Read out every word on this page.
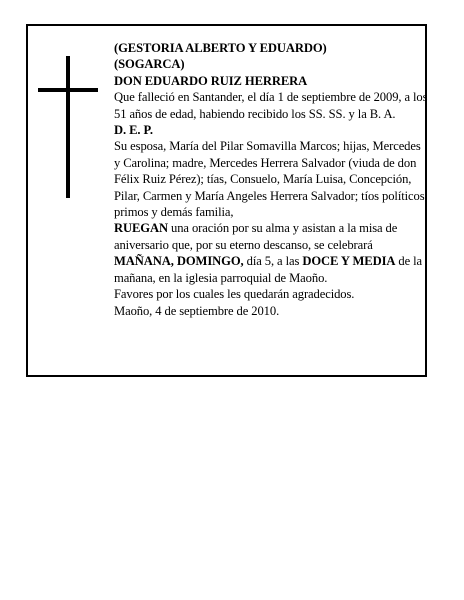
(GESTORIA ALBERTO Y EDUARDO)

(SOGARCA)

DON EDUARDO RUIZ HERRERA

Que falleció en Santander, el día 1 de septiembre de 2009, a los 51 años de edad, habiendo recibido los SS. SS. y la B. A.

D. E. P.

Su esposa, María del Pilar Somavilla Marcos; hijas, Mercedes y Carolina; madre, Mercedes Herrera Salvador (viuda de don Félix Ruiz Pérez); tías, Consuelo, María Luisa, Concepción, Pilar, Carmen y María Angeles Herrera Salvador; tíos políticos, primos y demás familia,

RUEGAN una oración por su alma y asistan a la misa de aniversario que, por su eterno descanso, se celebrará MAÑANA, DOMINGO, día 5, a las DOCE Y MEDIA de la mañana, en la iglesia parroquial de Maoño.

Favores por los cuales les quedarán agradecidos.

Maoño, 4 de septiembre de 2010.
